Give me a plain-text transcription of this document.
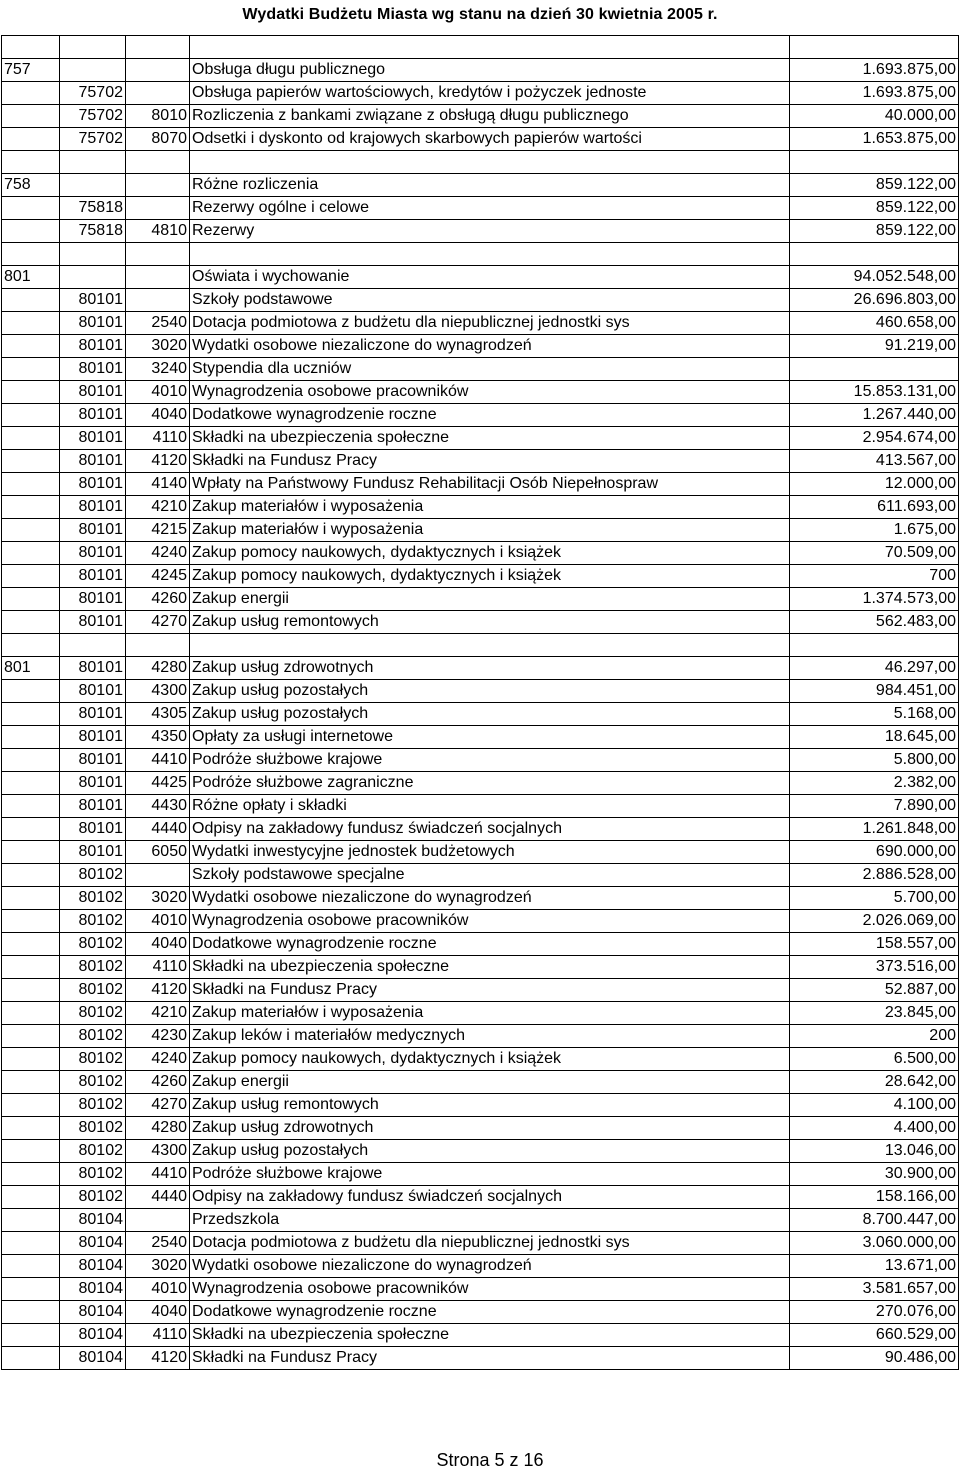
Wydatki Budżetu Miasta wg stanu na dzień 30 kwietnia 2005 r.

757			Obsługa długu publicznego	1.693.875,00
	75702		Obsługa papierów wartościowych, kredytów i pożyczek jednoste	1.693.875,00
	75702	8010	Rozliczenia z bankami związane z obsługą długu publicznego	40.000,00
	75702	8070	Odsetki i dyskonto od krajowych skarbowych papierów wartości	1.653.875,00

758			Różne rozliczenia	859.122,00
	75818		Rezerwy ogólne i celowe	859.122,00
	75818	4810	Rezerwy	859.122,00

801			Oświata i wychowanie	94.052.548,00
	80101		Szkoły podstawowe	26.696.803,00
	80101	2540	Dotacja podmiotowa z budżetu dla niepublicznej jednostki sys	460.658,00
	80101	3020	Wydatki osobowe niezaliczone do wynagrodzeń	91.219,00
	80101	3240	Stypendia dla uczniów	
	80101	4010	Wynagrodzenia osobowe pracowników	15.853.131,00
	80101	4040	Dodatkowe wynagrodzenie roczne	1.267.440,00
	80101	4110	Składki na ubezpieczenia społeczne	2.954.674,00
	80101	4120	Składki na Fundusz Pracy	413.567,00
	80101	4140	Wpłaty na Państwowy Fundusz Rehabilitacji Osób Niepełnospraw	12.000,00
	80101	4210	Zakup materiałów i wyposażenia	611.693,00
	80101	4215	Zakup materiałów i wyposażenia	1.675,00
	80101	4240	Zakup pomocy naukowych, dydaktycznych i książek	70.509,00
	80101	4245	Zakup pomocy naukowych, dydaktycznych i książek	700
	80101	4260	Zakup energii	1.374.573,00
	80101	4270	Zakup usług remontowych	562.483,00

801	80101	4280	Zakup usług zdrowotnych	46.297,00
	80101	4300	Zakup usług pozostałych	984.451,00
	80101	4305	Zakup usług pozostałych	5.168,00
	80101	4350	Opłaty za usługi internetowe	18.645,00
	80101	4410	Podróże służbowe krajowe	5.800,00
	80101	4425	Podróże służbowe zagraniczne	2.382,00
	80101	4430	Różne opłaty i składki	7.890,00
	80101	4440	Odpisy na zakładowy fundusz świadczeń socjalnych	1.261.848,00
	80101	6050	Wydatki inwestycyjne jednostek budżetowych	690.000,00
	80102		Szkoły podstawowe specjalne	2.886.528,00
	80102	3020	Wydatki osobowe niezaliczone do wynagrodzeń	5.700,00
	80102	4010	Wynagrodzenia osobowe pracowników	2.026.069,00
	80102	4040	Dodatkowe wynagrodzenie roczne	158.557,00
	80102	4110	Składki na ubezpieczenia społeczne	373.516,00
	80102	4120	Składki na Fundusz Pracy	52.887,00
	80102	4210	Zakup materiałów i wyposażenia	23.845,00
	80102	4230	Zakup leków i materiałów medycznych	200
	80102	4240	Zakup pomocy naukowych, dydaktycznych i książek	6.500,00
	80102	4260	Zakup energii	28.642,00
	80102	4270	Zakup usług remontowych	4.100,00
	80102	4280	Zakup usług zdrowotnych	4.400,00
	80102	4300	Zakup usług pozostałych	13.046,00
	80102	4410	Podróże służbowe krajowe	30.900,00
	80102	4440	Odpisy na zakładowy fundusz świadczeń socjalnych	158.166,00
	80104		Przedszkola	8.700.447,00
	80104	2540	Dotacja podmiotowa z budżetu dla niepublicznej jednostki sys	3.060.000,00
	80104	3020	Wydatki osobowe niezaliczone do wynagrodzeń	13.671,00
	80104	4010	Wynagrodzenia osobowe pracowników	3.581.657,00
	80104	4040	Dodatkowe wynagrodzenie roczne	270.076,00
	80104	4110	Składki na ubezpieczenia społeczne	660.529,00
	80104	4120	Składki na Fundusz Pracy	90.486,00
Strona 5 z 16
